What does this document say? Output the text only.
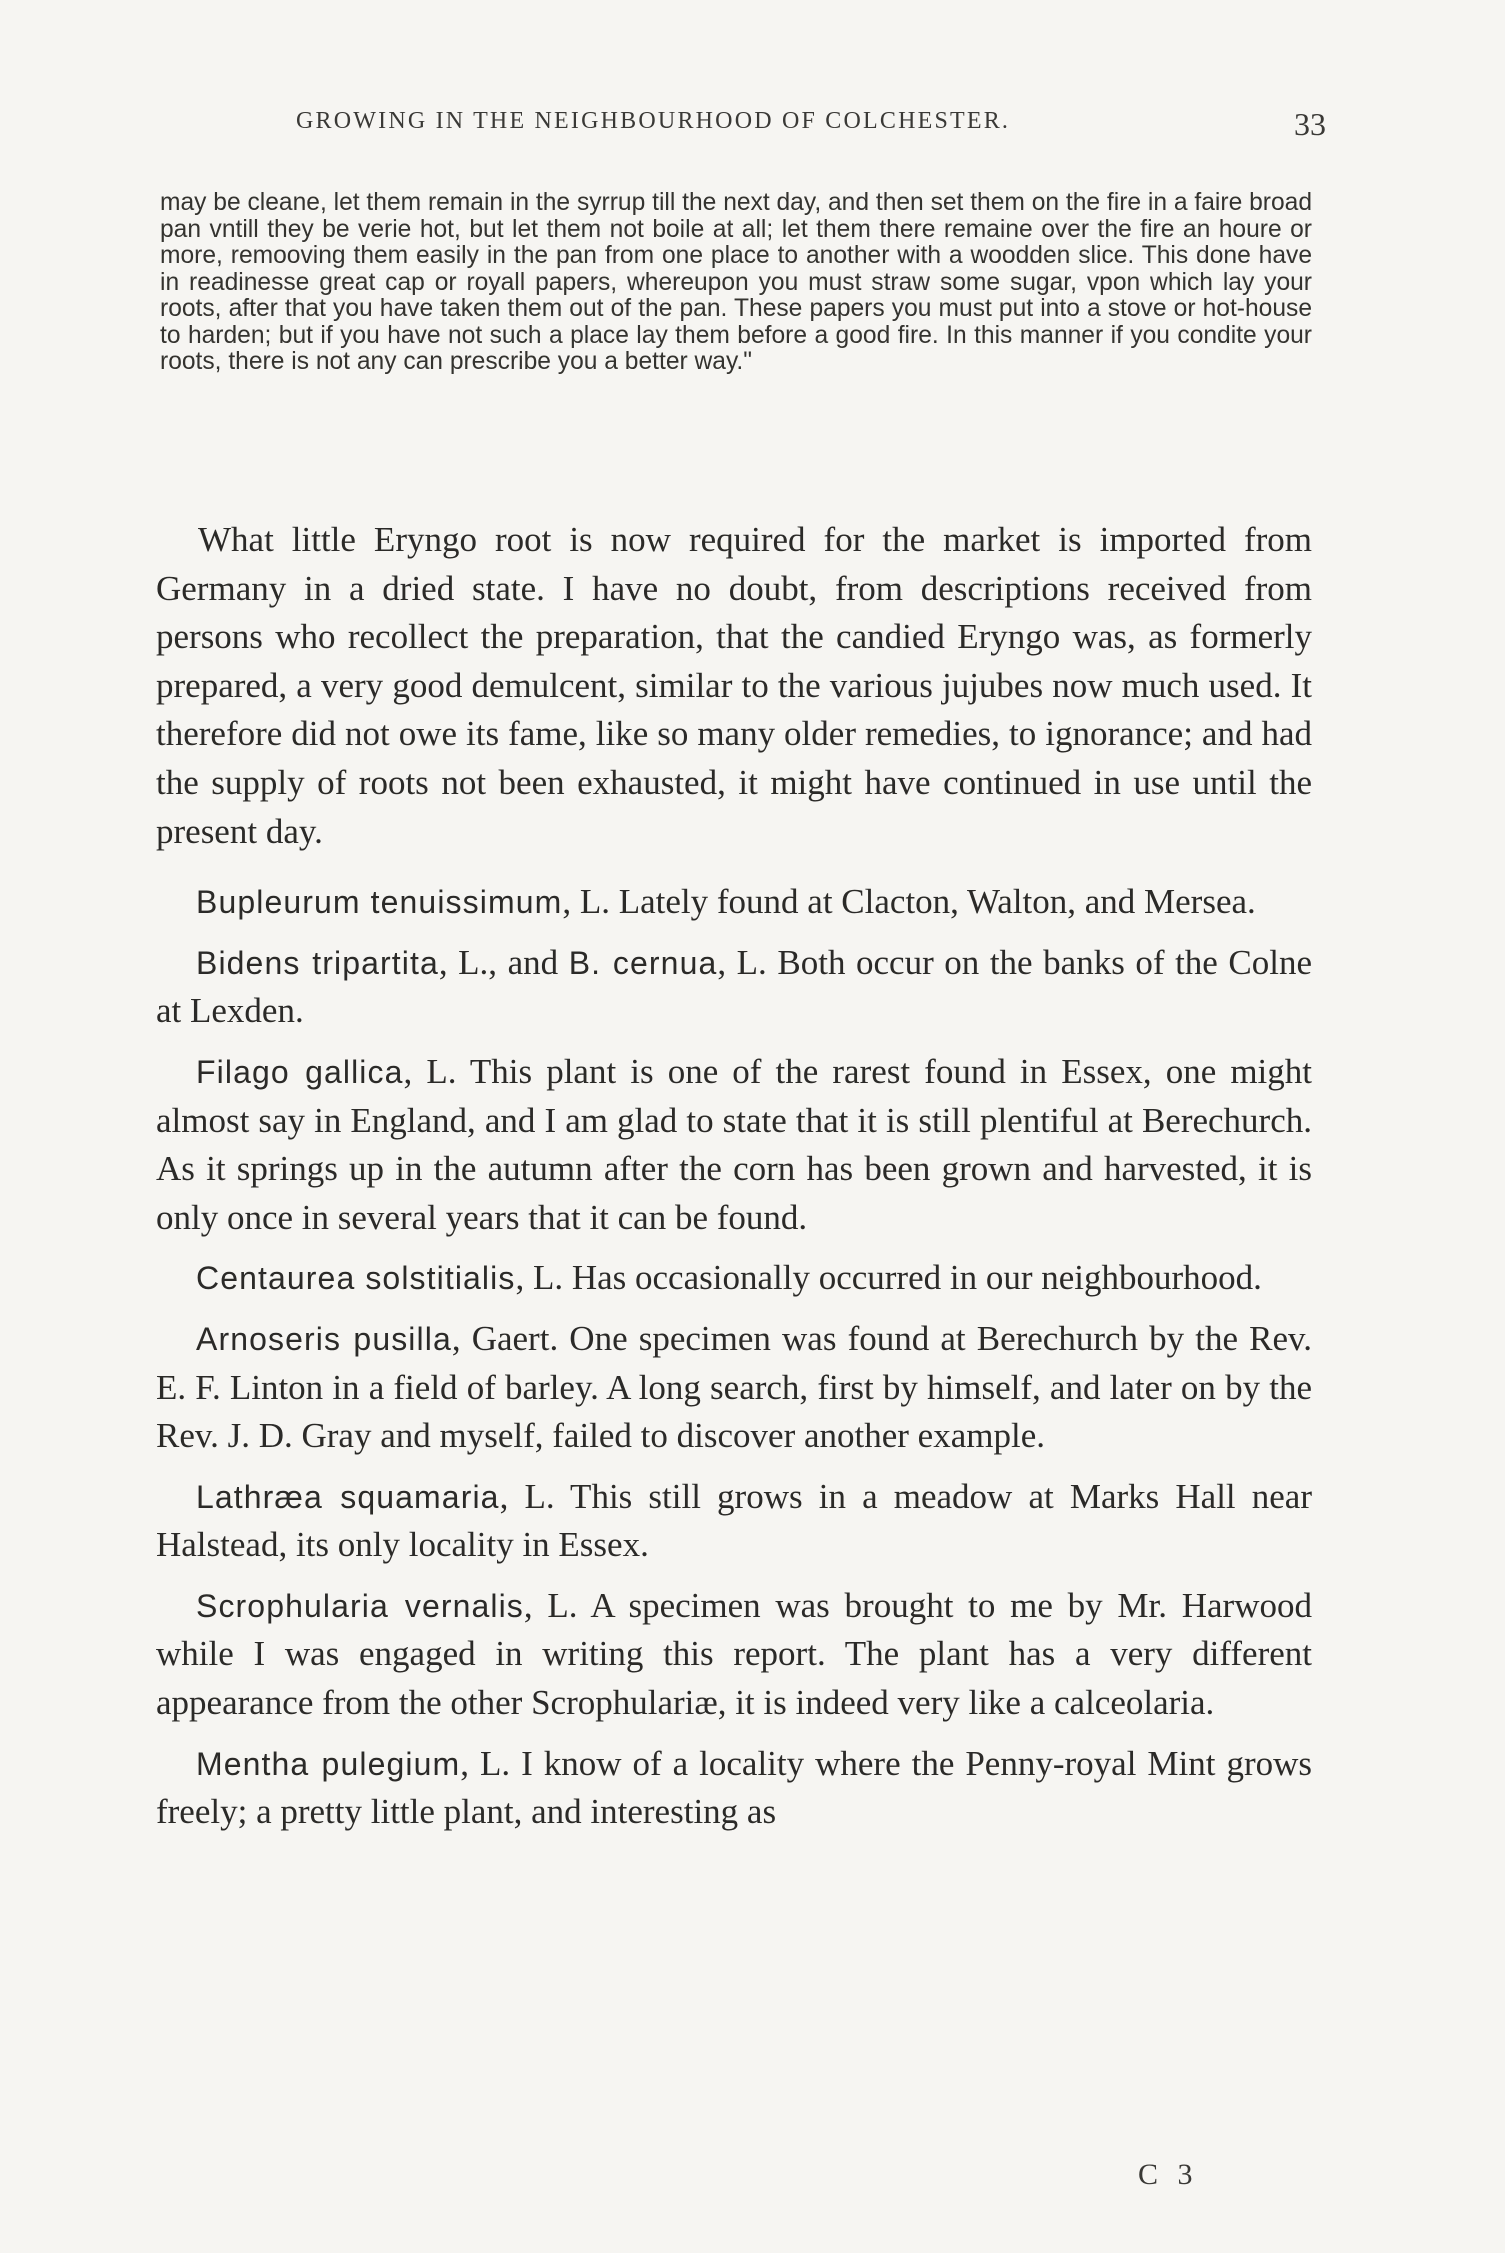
GROWING IN THE NEIGHBOURHOOD OF COLCHESTER.	33

may be cleane, let them remain in the syrrup till the next day, and then set them on the fire in a faire broad pan vntill they be verie hot, but let them not boile at all; let them there remaine over the fire an houre or more, remooving them easily in the pan from one place to another with a woodden slice. This done have in readinesse great cap or royall papers, whereupon you must straw some sugar, vpon which lay your roots, after that you have taken them out of the pan. These papers you must put into a stove or hot-house to harden; but if you have not such a place lay them before a good fire. In this manner if you condite your roots, there is not any can prescribe you a better way."

What little Eryngo root is now required for the market is imported from Germany in a dried state. I have no doubt, from descriptions received from persons who recollect the preparation, that the candied Eryngo was, as formerly prepared, a very good demulcent, similar to the various jujubes now much used. It therefore did not owe its fame, like so many older remedies, to ignorance; and had the supply of roots not been exhausted, it might have continued in use until the present day.

Bupleurum tenuissimum, L. Lately found at Clacton, Walton, and Mersea.

Bidens tripartita, L., and B. cernua, L. Both occur on the banks of the Colne at Lexden.

Filago gallica, L. This plant is one of the rarest found in Essex, one might almost say in England, and I am glad to state that it is still plentiful at Berechurch. As it springs up in the autumn after the corn has been grown and harvested, it is only once in several years that it can be found.

Centaurea solstitialis, L. Has occasionally occurred in our neighbourhood.

Arnoseris pusilla, Gaert. One specimen was found at Berechurch by the Rev. E. F. Linton in a field of barley. A long search, first by himself, and later on by the Rev. J. D. Gray and myself, failed to discover another example.

Lathræa squamaria, L. This still grows in a meadow at Marks Hall near Halstead, its only locality in Essex.

Scrophularia vernalis, L. A specimen was brought to me by Mr. Harwood while I was engaged in writing this report. The plant has a very different appearance from the other Scrophulariæ, it is indeed very like a calceolaria.

Mentha pulegium, L. I know of a locality where the Penny-royal Mint grows freely; a pretty little plant, and interesting as

C 3
